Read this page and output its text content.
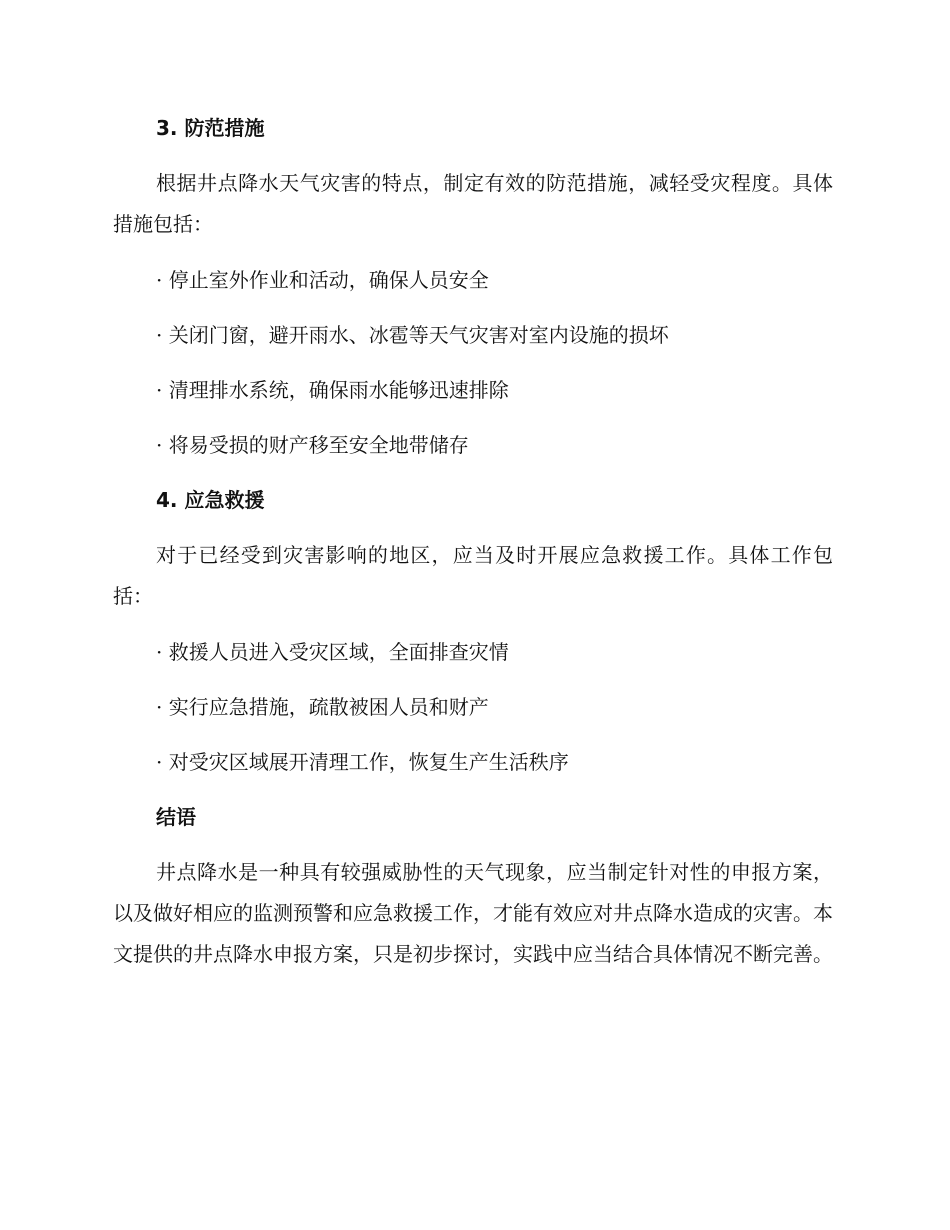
3. 防范措施
根据井点降水天气灾害的特点，制定有效的防范措施，减轻受灾程度。具体措施包括：
· 停止室外作业和活动，确保人员安全
· 关闭门窗，避开雨水、冰雹等天气灾害对室内设施的损坏
· 清理排水系统，确保雨水能够迅速排除
· 将易受损的财产移至安全地带储存
4. 应急救援
对于已经受到灾害影响的地区，应当及时开展应急救援工作。具体工作包括：
· 救援人员进入受灾区域，全面排查灾情
· 实行应急措施，疏散被困人员和财产
· 对受灾区域展开清理工作，恢复生产生活秩序
结语
井点降水是一种具有较强威胁性的天气现象，应当制定针对性的申报方案，以及做好相应的监测预警和应急救援工作，才能有效应对井点降水造成的灾害。本文提供的井点降水申报方案，只是初步探讨，实践中应当结合具体情况不断完善。
